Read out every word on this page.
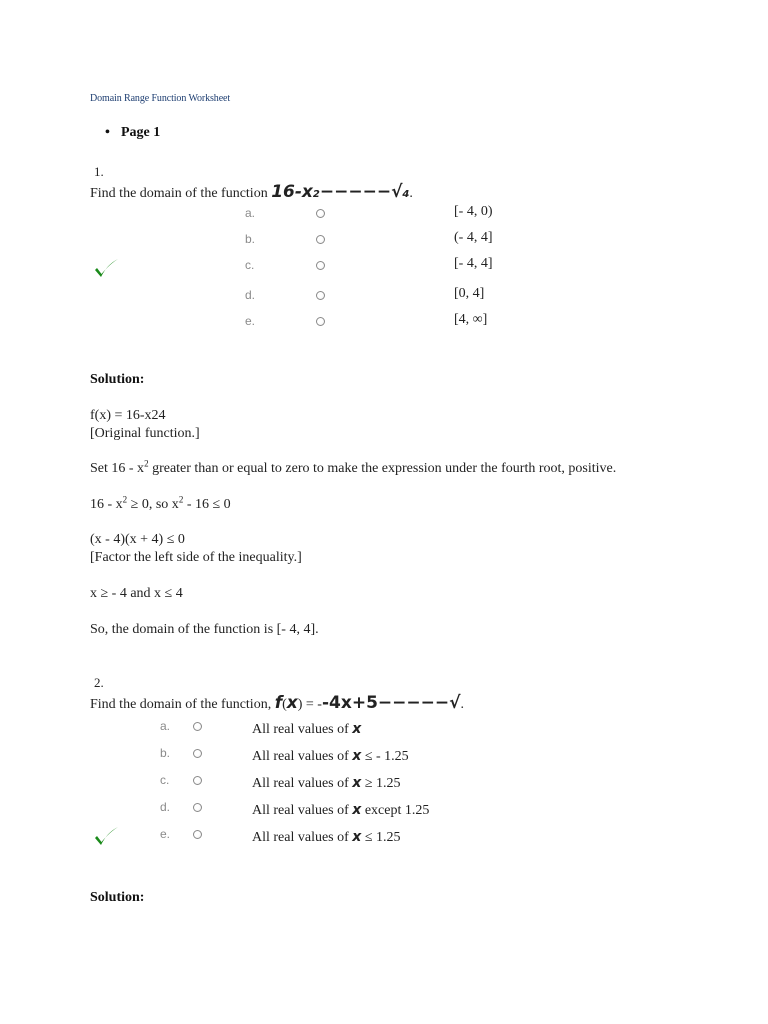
Domain Range Function Worksheet
• Page 1
1.
Find the domain of the function 16-x2−−−−−√4.
a.	[- 4, 0)
b.	(- 4, 4]
c.	[- 4, 4]
d.	[0, 4]
e.	[4, ∞]
Solution:
f(x) = 16-x24
[Original function.]
Set $16 - x^2$ greater than or equal to zero to make the expression under the fourth root, positive.
$16 - x^2 \ge 0$, so $x^2 - 16 \le 0$
(x - 4)(x + 4) ≤ 0
[Factor the left side of the inequality.]
x ≥ - 4 and x ≤ 4
So, the domain of the function is [- 4, 4].
2.
Find the domain of the function, f(x) = --4x+5−−−−−√.
a.	All real values of x
b.	All real values of x ≤ - 1.25
c.	All real values of x ≥ 1.25
d.	All real values of x except 1.25
e.	All real values of x ≤ 1.25
Solution:
